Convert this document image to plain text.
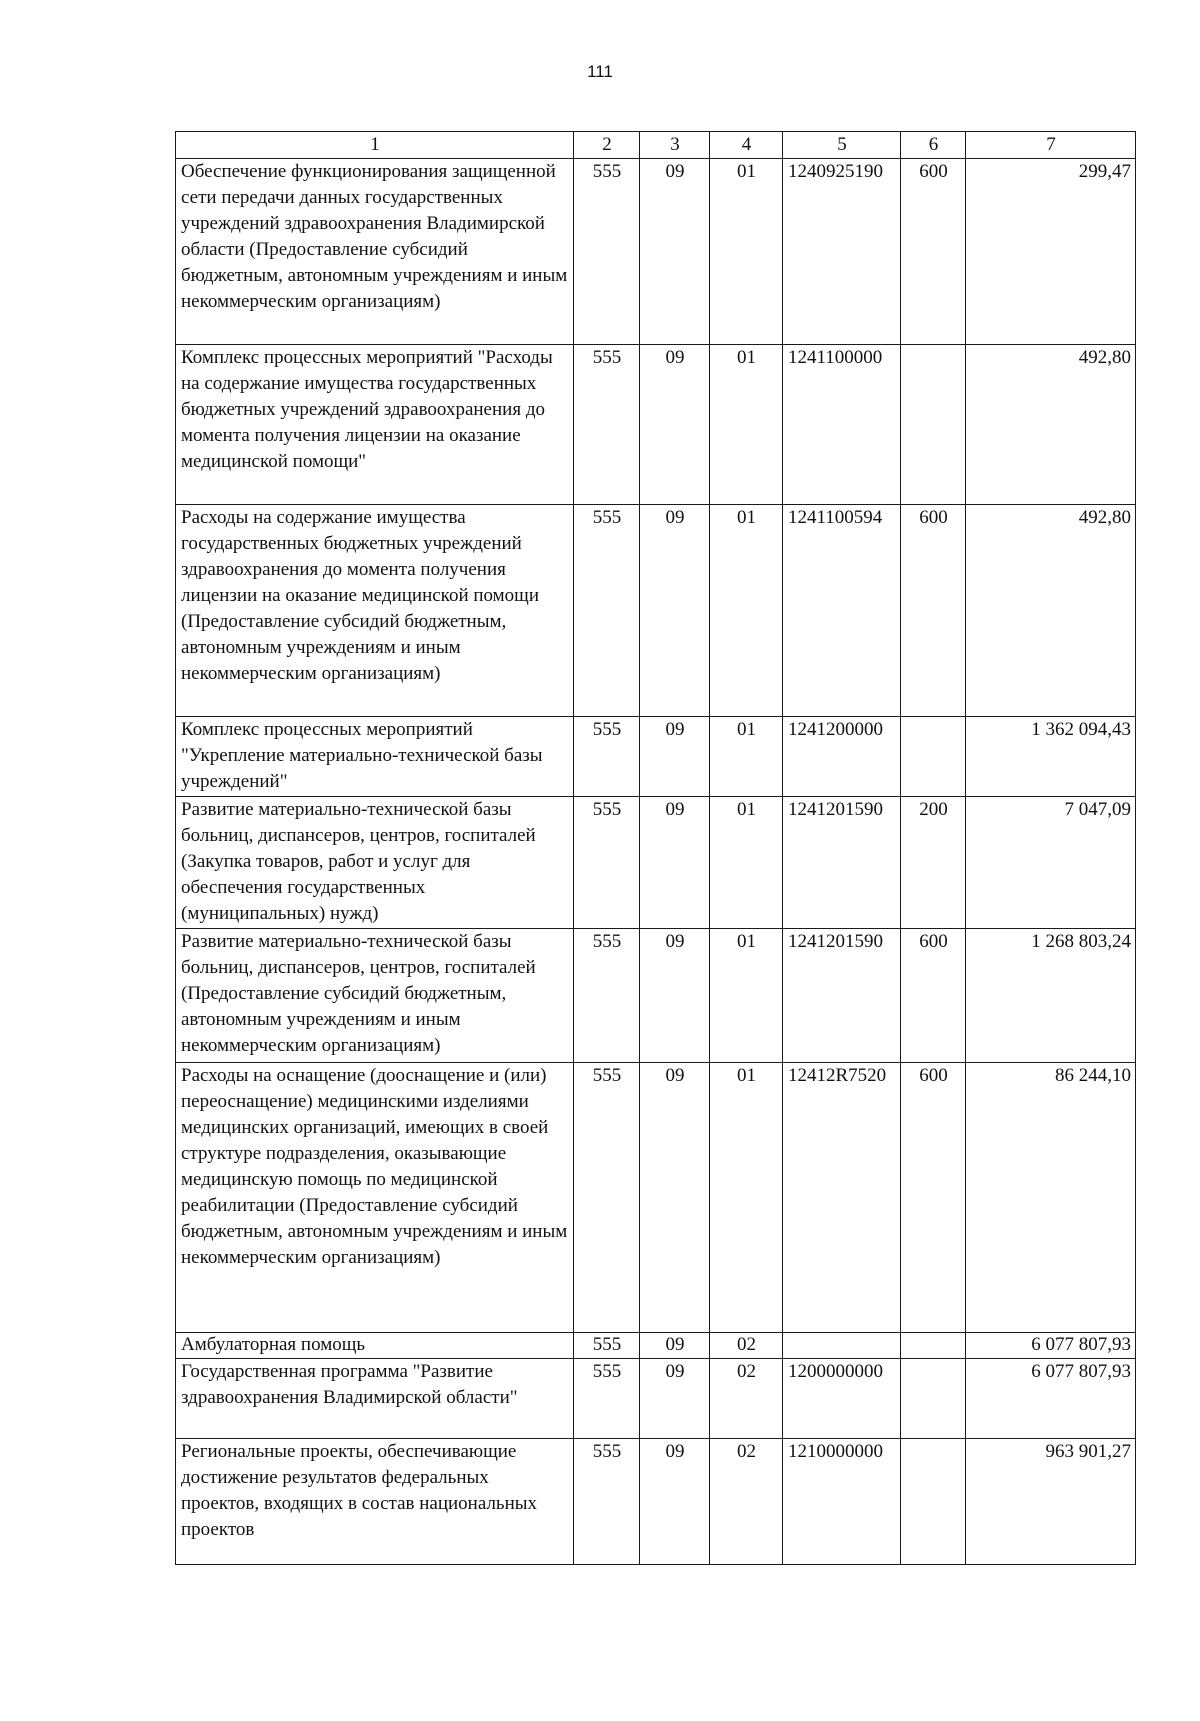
111
1	2	3	4	5	6	7
Обеспечение функционирования защищенной сети передачи данных государственных учреждений здравоохранения Владимирской области (Предоставление субсидий бюджетным, автономным учреждениям и иным некоммерческим организациям)	555	09	01	1240925190	600	299,47
Комплекс процессных мероприятий "Расходы на содержание имущества государственных бюджетных учреждений здравоохранения до момента получения лицензии на оказание медицинской помощи"	555	09	01	1241100000		492,80
Расходы на содержание имущества государственных бюджетных учреждений здравоохранения до момента получения лицензии на оказание медицинской помощи (Предоставление субсидий бюджетным, автономным учреждениям и иным некоммерческим организациям)	555	09	01	1241100594	600	492,80
Комплекс процессных мероприятий "Укрепление материально-технической базы учреждений"	555	09	01	1241200000		1 362 094,43
Развитие материально-технической базы больниц, диспансеров, центров, госпиталей (Закупка товаров, работ и услуг для обеспечения государственных (муниципальных) нужд)	555	09	01	1241201590	200	7 047,09
Развитие материально-технической базы больниц, диспансеров, центров, госпиталей (Предоставление субсидий бюджетным, автономным учреждениям и иным некоммерческим организациям)	555	09	01	1241201590	600	1 268 803,24
Расходы на оснащение (дооснащение и (или) переоснащение) медицинскими изделиями медицинских организаций, имеющих в своей структуре подразделения, оказывающие медицинскую помощь по медицинской реабилитации (Предоставление субсидий бюджетным, автономным учреждениям и иным некоммерческим организациям)	555	09	01	12412R7520	600	86 244,10
Амбулаторная помощь	555	09	02			6 077 807,93
Государственная программа "Развитие здравоохранения Владимирской области"	555	09	02	1200000000		6 077 807,93
Региональные проекты, обеспечивающие достижение результатов федеральных проектов, входящих в состав национальных проектов	555	09	02	1210000000		963 901,27
